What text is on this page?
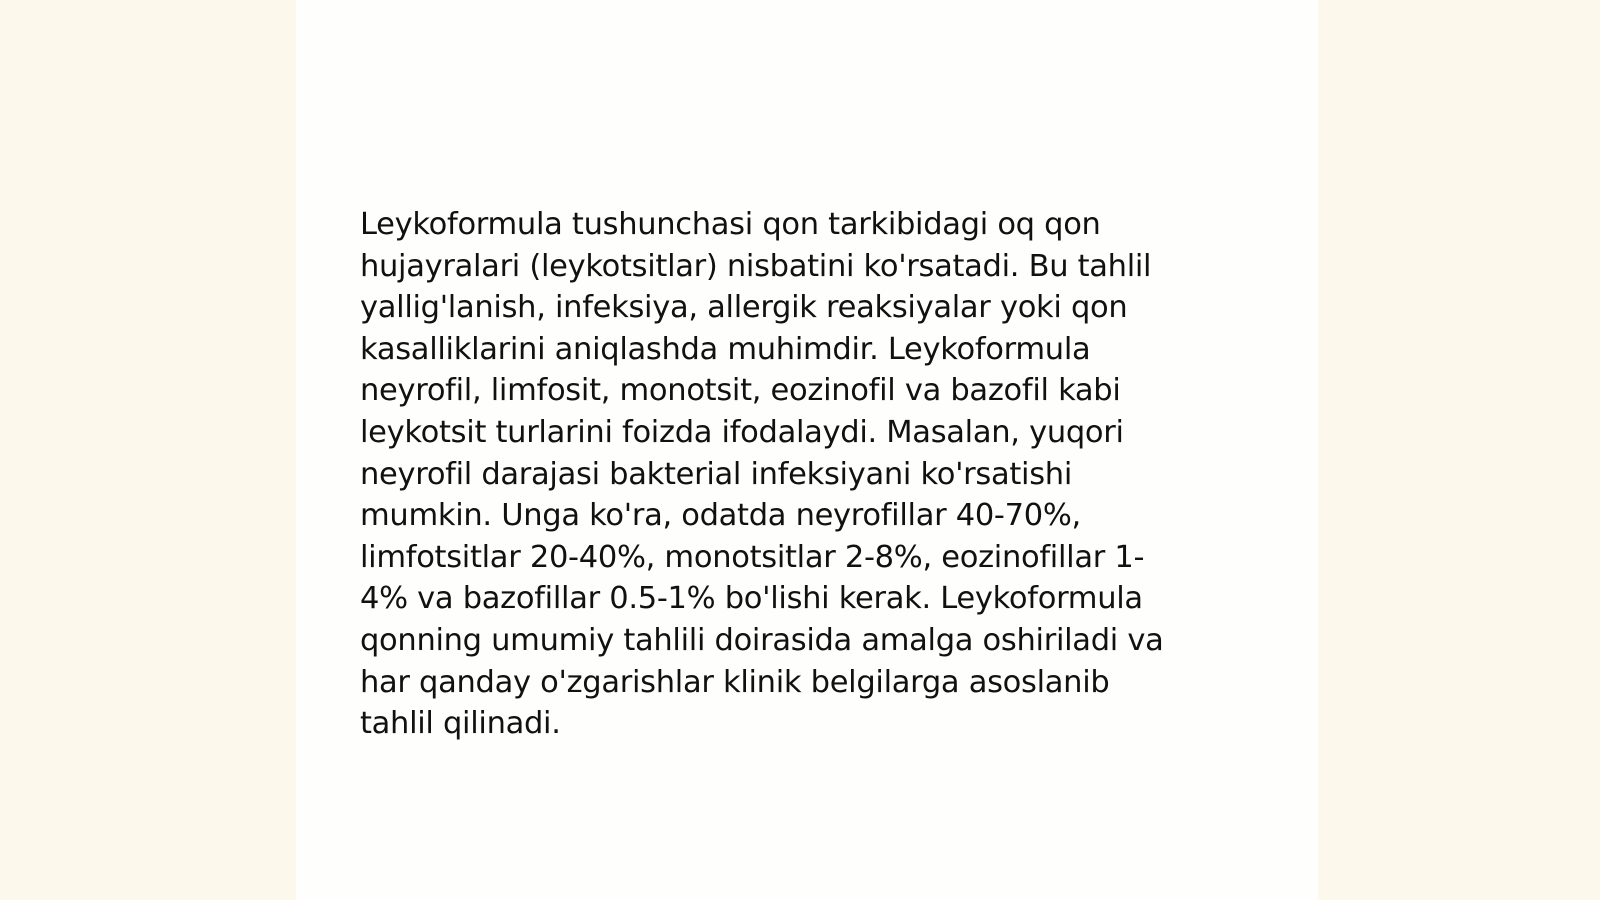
Leykoformula tushunchasi qon tarkibidagi oq qon
hujayralari (leykotsitlar) nisbatini ko'rsatadi. Bu tahlil
yallig'lanish, infeksiya, allergik reaksiyalar yoki qon
kasalliklarini aniqlashda muhimdir. Leykoformula
neyrofil, limfosit, monotsit, eozinofil va bazofil kabi
leykotsit turlarini foizda ifodalaydi. Masalan, yuqori
neyrofil darajasi bakterial infeksiyani ko'rsatishi
mumkin. Unga ko'ra, odatda neyrofillar 40-70%,
limfotsitlar 20-40%, monotsitlar 2-8%, eozinofillar 1-
4% va bazofillar 0.5-1% bo'lishi kerak. Leykoformula
qonning umumiy tahlili doirasida amalga oshiriladi va
har qanday o'zgarishlar klinik belgilarga asoslanib
tahlil qilinadi.
